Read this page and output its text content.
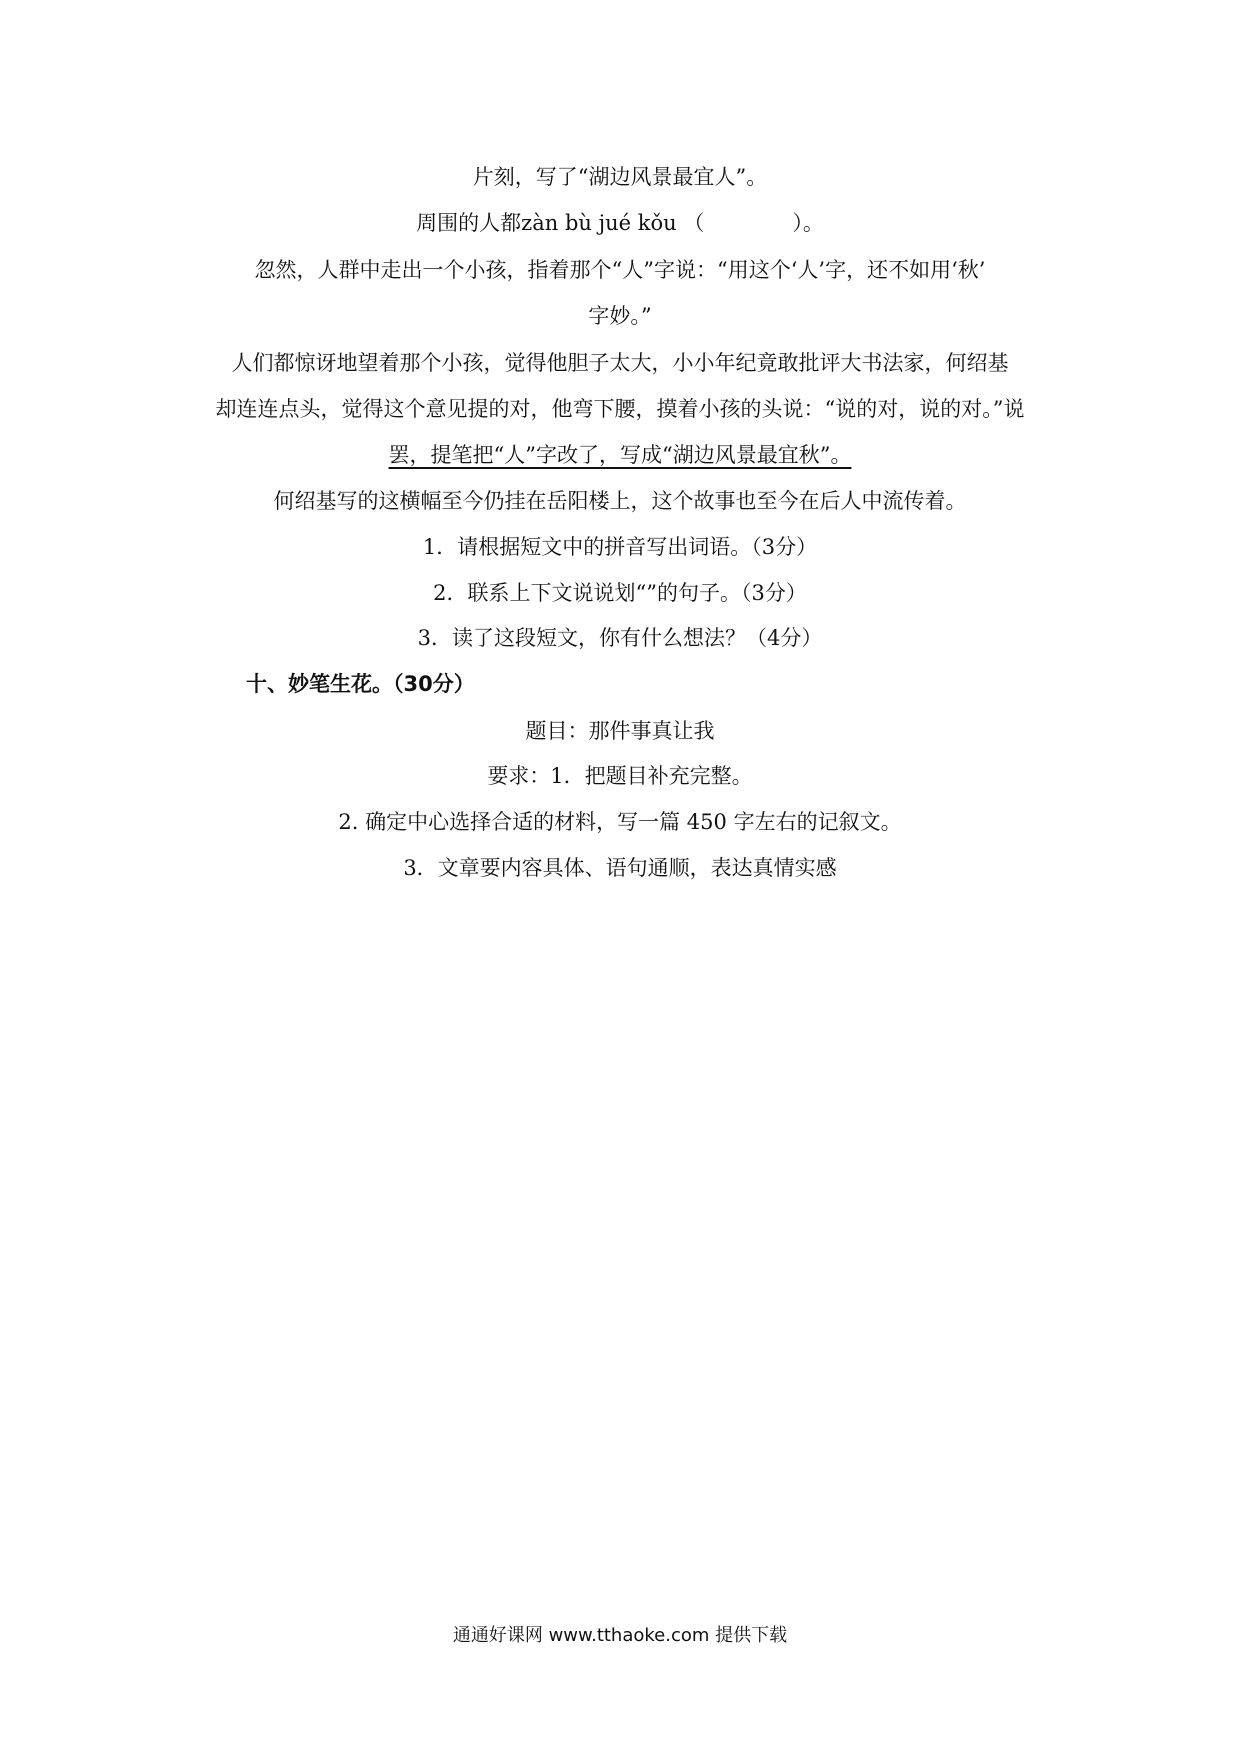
片刻，写了“湖边风景最宜人”。
周围的人都zàn bù jué kǒu （	）。
忽然，人群中走出一个小孩，指着那个“人”字说：“用这个‘人’字，还不如用‘秋’
字妙。”
人们都惊讶地望着那个小孩，觉得他胆子太大，小小年纪竟敢批评大书法家，何绍基
却连连点头，觉得这个意见提的对，他弯下腰，摸着小孩的头说：“说的对，说的对。”说
罢，提笔把“人”字改了，写成“湖边风景最宜秋”。
何绍基写的这横幅至今仍挂在岳阳楼上，这个故事也至今在后人中流传着。
1．请根据短文中的拼音写出词语。（3分）
2．联系上下文说说划“”的句子。（3分）
3．读了这段短文，你有什么想法？（4分）
十、妙笔生花。（30分）
题目：那件事真让我
要求：1．把题目补充完整。
2. 确定中心选择合适的材料，写一篇 450 字左右的记叙文。
3．文章要内容具体、语句通顺，表达真情实感
通通好课网 www.tthaoke.com 提供下载
